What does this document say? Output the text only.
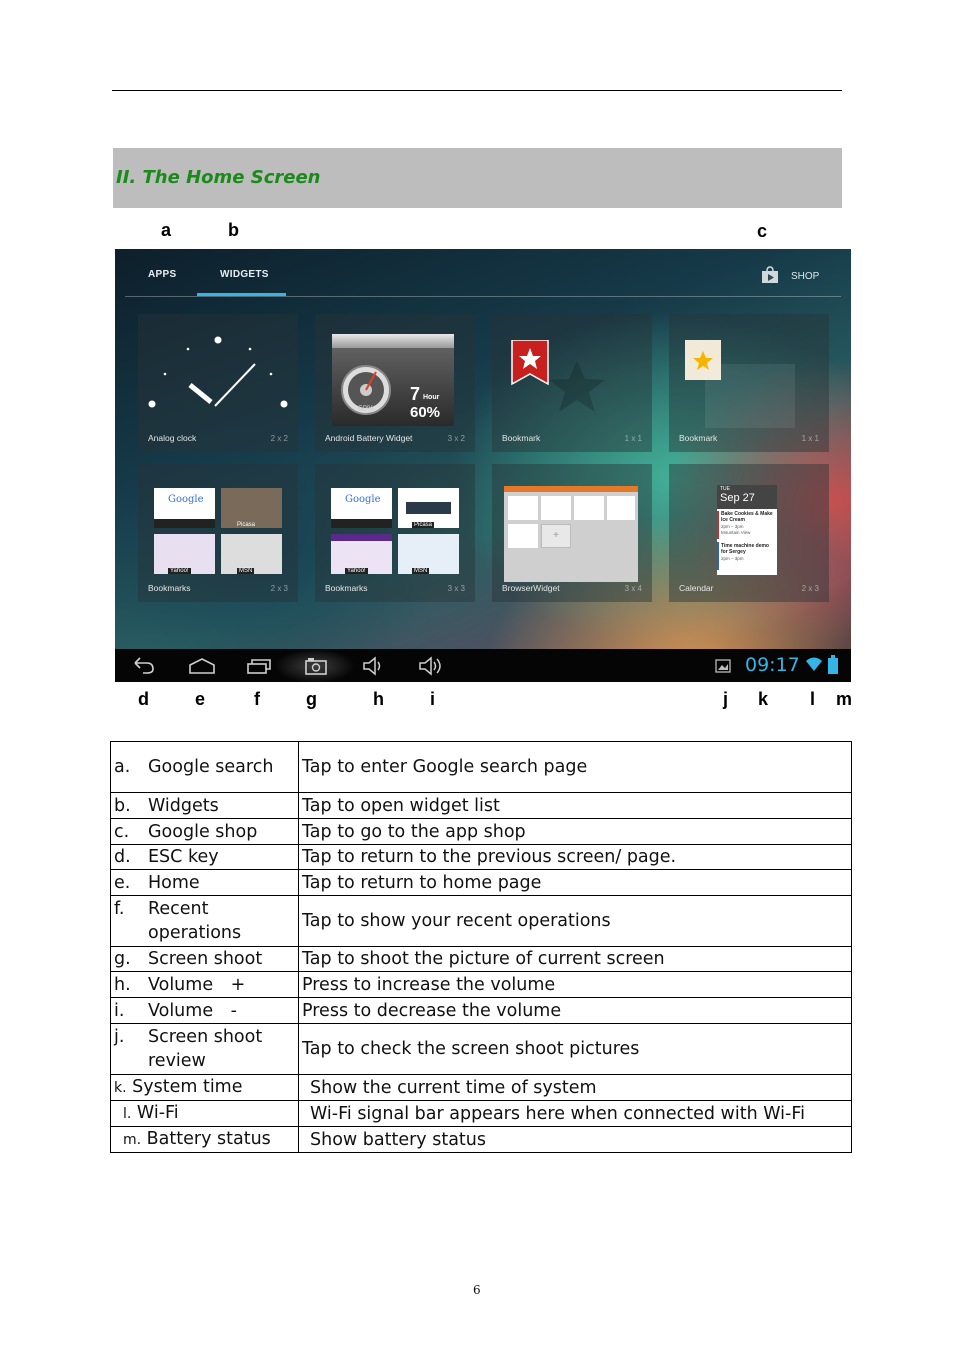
II. The Home Screen
a	b	c
APPS	WIDGETS	SHOP
Analog clock	2 x 2
60%
7 Hour
60%
Android Battery Widget	3 x 2	Bookmark	1 x 1	Bookmark	1 x 1
Google
Picasa
Yahoo!	MSN
Bookmarks	2 x 3
Google
Picasa
Yahoo!	MSN
Bookmarks	3 x 3
+
BrowserWidget	3 x 4
TUE
Sep 27
Bake Cookies & Make Ice Cream
2pm – 3pm
Mountain View
Time machine demo for Sergey
2pm – 3pm
Calendar	2 x 3
09:17
d	e	f	g	h	i	j k l m
a. Google search	Tap to enter Google search page

b. Widgets	Tap to open widget list

c. Google shop	Tap to go to the app shop

d. ESC key	Tap to return to the previous screen/ page.

e. Home	Tap to return to home page

f. Recent operations	Tap to show your recent operations

g. Screen shoot	Tap to shoot the picture of current screen

h. Volume　+	Press to increase the volume

i. Volume　-	Press to decrease the volume

j. Screen shoot review	Tap to check the screen shoot pictures
k. System time	Show the current time of system
l. Wi-Fi	Wi-Fi signal bar appears here when connected with Wi-Fi
m. Battery status	Show battery status
6
